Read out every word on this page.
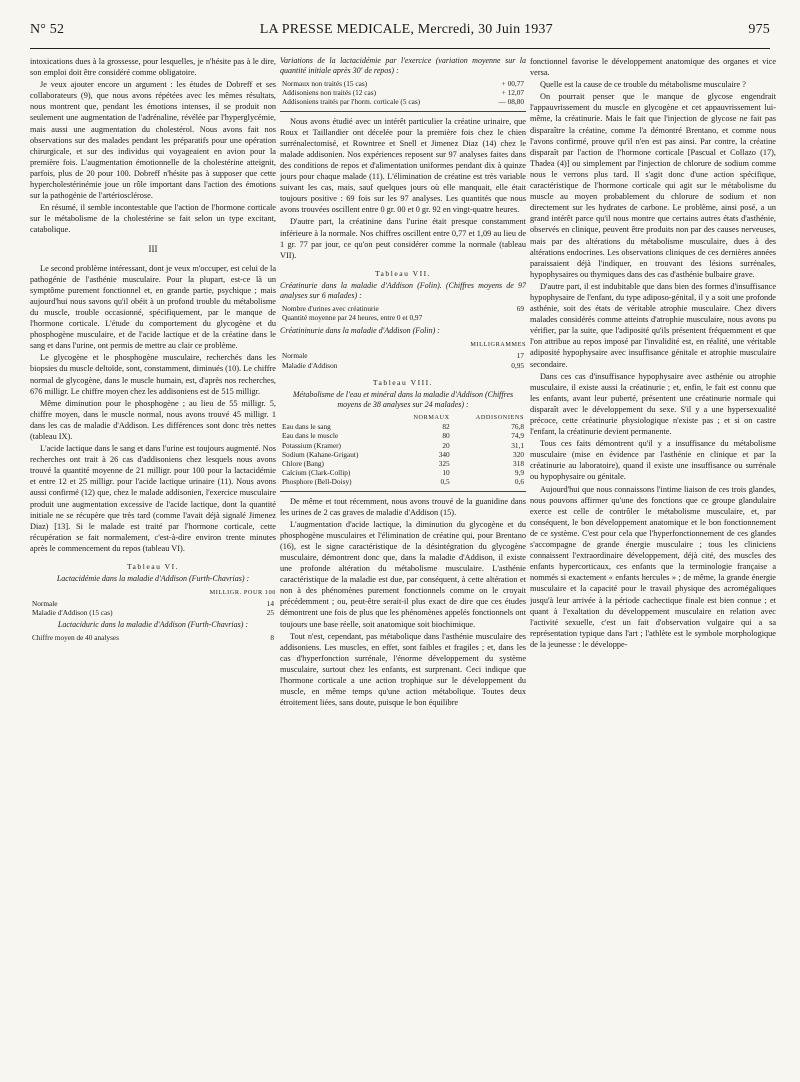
N° 52	LA PRESSE MEDICALE, Mercredi, 30 Juin 1937	975

intoxications dues à la grossesse, pour lesquelles, je n'hésite pas à le dire, son emploi doit être considéré comme obligatoire.

Je veux ajouter encore un argument : les études de Dobreff et ses collaborateurs (9), que nous avons répétées avec les mêmes résultats, nous montrent que, pendant les émotions intenses, il se produit non seulement une augmentation de l'adrénaline, révélée par l'hyperglycémie, mais aussi une augmentation du cholestérol. Nous avons fait nos observations sur des malades pendant les préparatifs pour une opération chirurgicale, et sur des individus qui voyageaient en avion pour la première fois. L'augmentation émotionnelle de la cholestérine atteignit, parfois, plus de 20 pour 100. Dobreff n'hésite pas à supposer que cette hypercholestérinémie joue un rôle important dans l'action des émotions sur la pathogénie de l'artériosclérose.

En résumé, il semble incontestable que l'action de l'hormone corticale sur le métabolisme de la cholestérine se fait selon un type excitant, catabolique.

III

Le second problème intéressant, dont je veux m'occuper, est celui de la pathogénie de l'asthénie musculaire. Pour la plupart, est-ce là un symptôme purement fonctionnel et, en grande partie, psychique ; mais aujourd'hui nous savons qu'il obéit à un profond trouble du métabolisme du muscle, trouble occasionné, spécifiquement, par le manque de l'hormone corticale. L'étude du comportement du glycogène et du phosphogène musculaire, et de l'acide lactique et de la créatine dans le sang et dans l'urine, ont permis de mettre au clair ce problème.

Le glycogène et le phosphogène musculaire, recherchés dans les biopsies du muscle deltoïde, sont, constamment, diminués (10). Le chiffre normal de glycogène, dans le muscle humain, est, d'après nos recherches, 676 milligr. Le chiffre moyen chez les addisoniens est de 515 milligr.

Même diminution pour le phosphogène ; au lieu de 55 milligr. 5, chiffre moyen, dans le muscle normal, nous avons trouvé 45 milligr. 1 dans les cas de maladie d'Addison. Les différences sont donc très nettes (tableau IX).

L'acide lactique dans le sang et dans l'urine est toujours augmenté. Nos recherches ont trait à 26 cas d'addisoniens chez lesquels nous avons trouvé la quantité moyenne de 21 milligr. pour 100 pour la lactacidémie et entre 12 et 25 milligr. pour l'acide lactique urinaire (11). Nous avons aussi confirmé (12) que, chez le malade addisonien, l'exercice musculaire produit une augmentation excessive de l'acide lactique, dont la quantité initiale ne se récupère que très tard (comme l'avait déjà signalé Jimenez Diaz) [13]. Si le malade est traité par l'hormone corticale, cette récupération se fait normalement, c'est-à-dire environ trente minutes après le commencement du repos (tableau VI).

Tableau VI.
Lactacidémie dans la maladie d'Addison (Furth-Chavrias) :
MILLIGR. POUR 100
Normale	14
Maladie d'Addison (15 cas)	25
Lactaciduric dans la maladie d'Addison (Furth-Chavrias) :
Chiffre moyen de 40 analyses	8
Variations de la lactacidémie par l'exercice (variation moyenne sur la quantité initiale après 30' de repos) :
Normaux non traités (15 cas)	+ 00,77
Addisoniens non traités (12 cas)	+ 12,07
Addisoniens traités par l'horm. corticale (5 cas)	— 08,80

Nous avons étudié avec un intérêt particulier la créatine urinaire, que Roux et Taillandier ont décelée pour la première fois chez le chien surrénalectomisé, et Rowntree et Snell et Jimenez Diaz (14) chez le malade addisonien. Nos expériences reposent sur 97 analyses faites dans des conditions de repos et d'alimentation uniformes pendant dix à quinze jours pour chaque malade (11). L'élimination de créatine est très variable suivant les cas, mais, sauf quelques jours où elle manquait, elle était toujours positive : 69 fois sur les 97 analyses. Les quantités que nous avons trouvées oscillent entre 0 gr. 00 et 0 gr. 92 en vingt-quatre heures.

D'autre part, la créatinine dans l'urine était presque constamment inférieure à la normale. Nos chiffres oscillent entre 0,77 et 1,09 au lieu de 1 gr. 77 par jour, ce qu'on peut considérer comme la normale (tableau VII).

Tableau VII.
Créatinurie dans la maladie d'Addison (Folin). (Chiffres moyens de 97 analyses sur 6 malades) :
Nombre d'urines avec créatinurie	69
Quantité moyenne par 24 heures, entre 0 et 0,97	
Créatininurie dans la maladie d'Addison (Folin) :
MILLIGRAMMES
Normale	17
Maladie d'Addison	0,95
Tableau VIII.
Métabolisme de l'eau et minéral dans la maladie d'Addison (Chiffres moyens de 38 analyses sur 24 malades) :
	NORMAUX	ADDISONIENS
Eau dans le sang	82	76,8
Eau dans le muscle	80	74,9
Potassium (Kramer)	20	31,1
Sodium (Kahane-Grigaut)	340	320
Chlore (Bang)	325	318
Calcium (Clark-Collip)	10	9,9
Phosphore (Bell-Doisy)	0,5	0,6

De même et tout récemment, nous avons trouvé de la guanidine dans les urines de 2 cas graves de maladie d'Addison (15).

L'augmentation d'acide lactique, la diminution du glycogène et du phosphogène musculaires et l'élimination de créatine qui, pour Brentano (16), est le signe caractéristique de la désintégration du glycogène musculaire, démontrent donc que, dans la maladie d'Addison, il existe une profonde altération du métabolisme musculaire. L'asthénie caractéristique de la maladie est due, par conséquent, à cette altération et non à des phénomènes purement fonctionnels comme on le croyait précédemment ; ou, peut-être serait-il plus exact de dire que ces études démontrent une fois de plus que les phénomènes appelés fonctionnels ont toujours une base réelle, soit anatomique soit biochimique.

Tout n'est, cependant, pas métabolique dans l'asthénie musculaire des addisoniens. Les muscles, en effet, sont faibles et fragiles ; et, dans les cas d'hyperfonction surrénale, l'énorme développement du système musculaire, surtout chez les enfants, est surprenant. Ceci indique que l'hormone corticale a une action trophique sur le développement du muscle, en même temps qu'une action métabolique. Toutes deux étroitement liées, sans doute, puisque le bon équilibre

fonctionnel favorise le développement anatomique des organes et vice versa.

Quelle est la cause de ce trouble du métabolisme musculaire ?

On pourrait penser que le manque de glycose engendrait l'appauvrissement du muscle en glycogène et cet appauvrissement lui-même, la créatinurie. Mais le fait que l'injection de glycose ne fait pas disparaître la créatine, comme l'a démontré Brentano, et comme nous l'avons confirmé, prouve qu'il n'en est pas ainsi. Par contre, la créatine disparaît par l'action de l'hormone corticale [Pascual et Collazo (17), Thadea (4)] ou simplement par l'injection de chlorure de sodium comme nous le verrons plus tard. Il s'agit donc d'une action spécifique, caractéristique de l'hormone corticale qui agit sur le métabolisme du muscle au moyen probablement du chlorure de sodium et non directement sur les hydrates de carbone. Le problème, ainsi posé, a un grand intérêt parce qu'il nous montre que certains autres états d'asthénie, observés en clinique, peuvent être produits non par des causes nerveuses, mais par des altérations du métabolisme musculaire, dues à des altérations endocrines. Les observations cliniques de ces dernières années paraissaient déjà l'indiquer, en trouvant des lésions surrénales, hypophysaires ou thymiques dans des cas d'asthénie bulbaire grave.

D'autre part, il est indubitable que dans bien des formes d'insuffisance hypophysaire de l'enfant, du type adiposo-génital, il y a soit une profonde asthénie, soit des états de véritable atrophie musculaire. Chez divers malades considérés comme atteints d'atrophie musculaire, nous avons pu vérifier, par la suite, que l'adiposité qu'ils présentent fréquemment et que l'on attribue au repos imposé par l'invalidité est, en réalité, une véritable adiposité hypophysaire avec insuffisance génitale et atrophie musculaire secondaire.

Dans ces cas d'insuffisance hypophysaire avec asthénie ou atrophie musculaire, il existe aussi la créatinurie ; et, enfin, le fait est connu que les enfants, avant leur puberté, présentent une créatinurie normale qui disparaît avec le développement du sexe. S'il y a une hypersexualité précoce, cette créatinurie physiologique n'existe pas ; et si on castre l'enfant, la créatinurie devient permanente.

Tous ces faits démontrent qu'il y a insuffisance du métabolisme musculaire (mise en évidence par l'asthénie en clinique et par la créatinurie au laboratoire), quand il existe une insuffisance ou surrénale ou hypophysaire ou génitale.

Aujourd'hui que nous connaissons l'intime liaison de ces trois glandes, nous pouvons affirmer qu'une des fonctions que ce groupe glandulaire exerce est celle de contrôler le métabolisme musculaire, et, par conséquent, le bon développement anatomique et le bon fonctionnement de ce système. C'est pour cela que l'hyperfonctionnement de ces glandes s'accompagne de grande énergie musculaire ; tous les cliniciens connaissent l'extraordinaire développement, déjà cité, des muscles des enfants hypercorticaux, ces enfants que la terminologie française a nommés si exactement « enfants hercules » ; de même, la grande énergie musculaire et la capacité pour le travail physique des acromégaliques jusqu'à leur arrivée à la période cachectique finale est bien connue ; et quant à l'exaltation du développement musculaire en relation avec l'activité sexuelle, c'est un fait d'observation vulgaire qui a sa représentation typique dans l'art ; l'athlète est le symbole morphologique de la jeunesse : le développe-
